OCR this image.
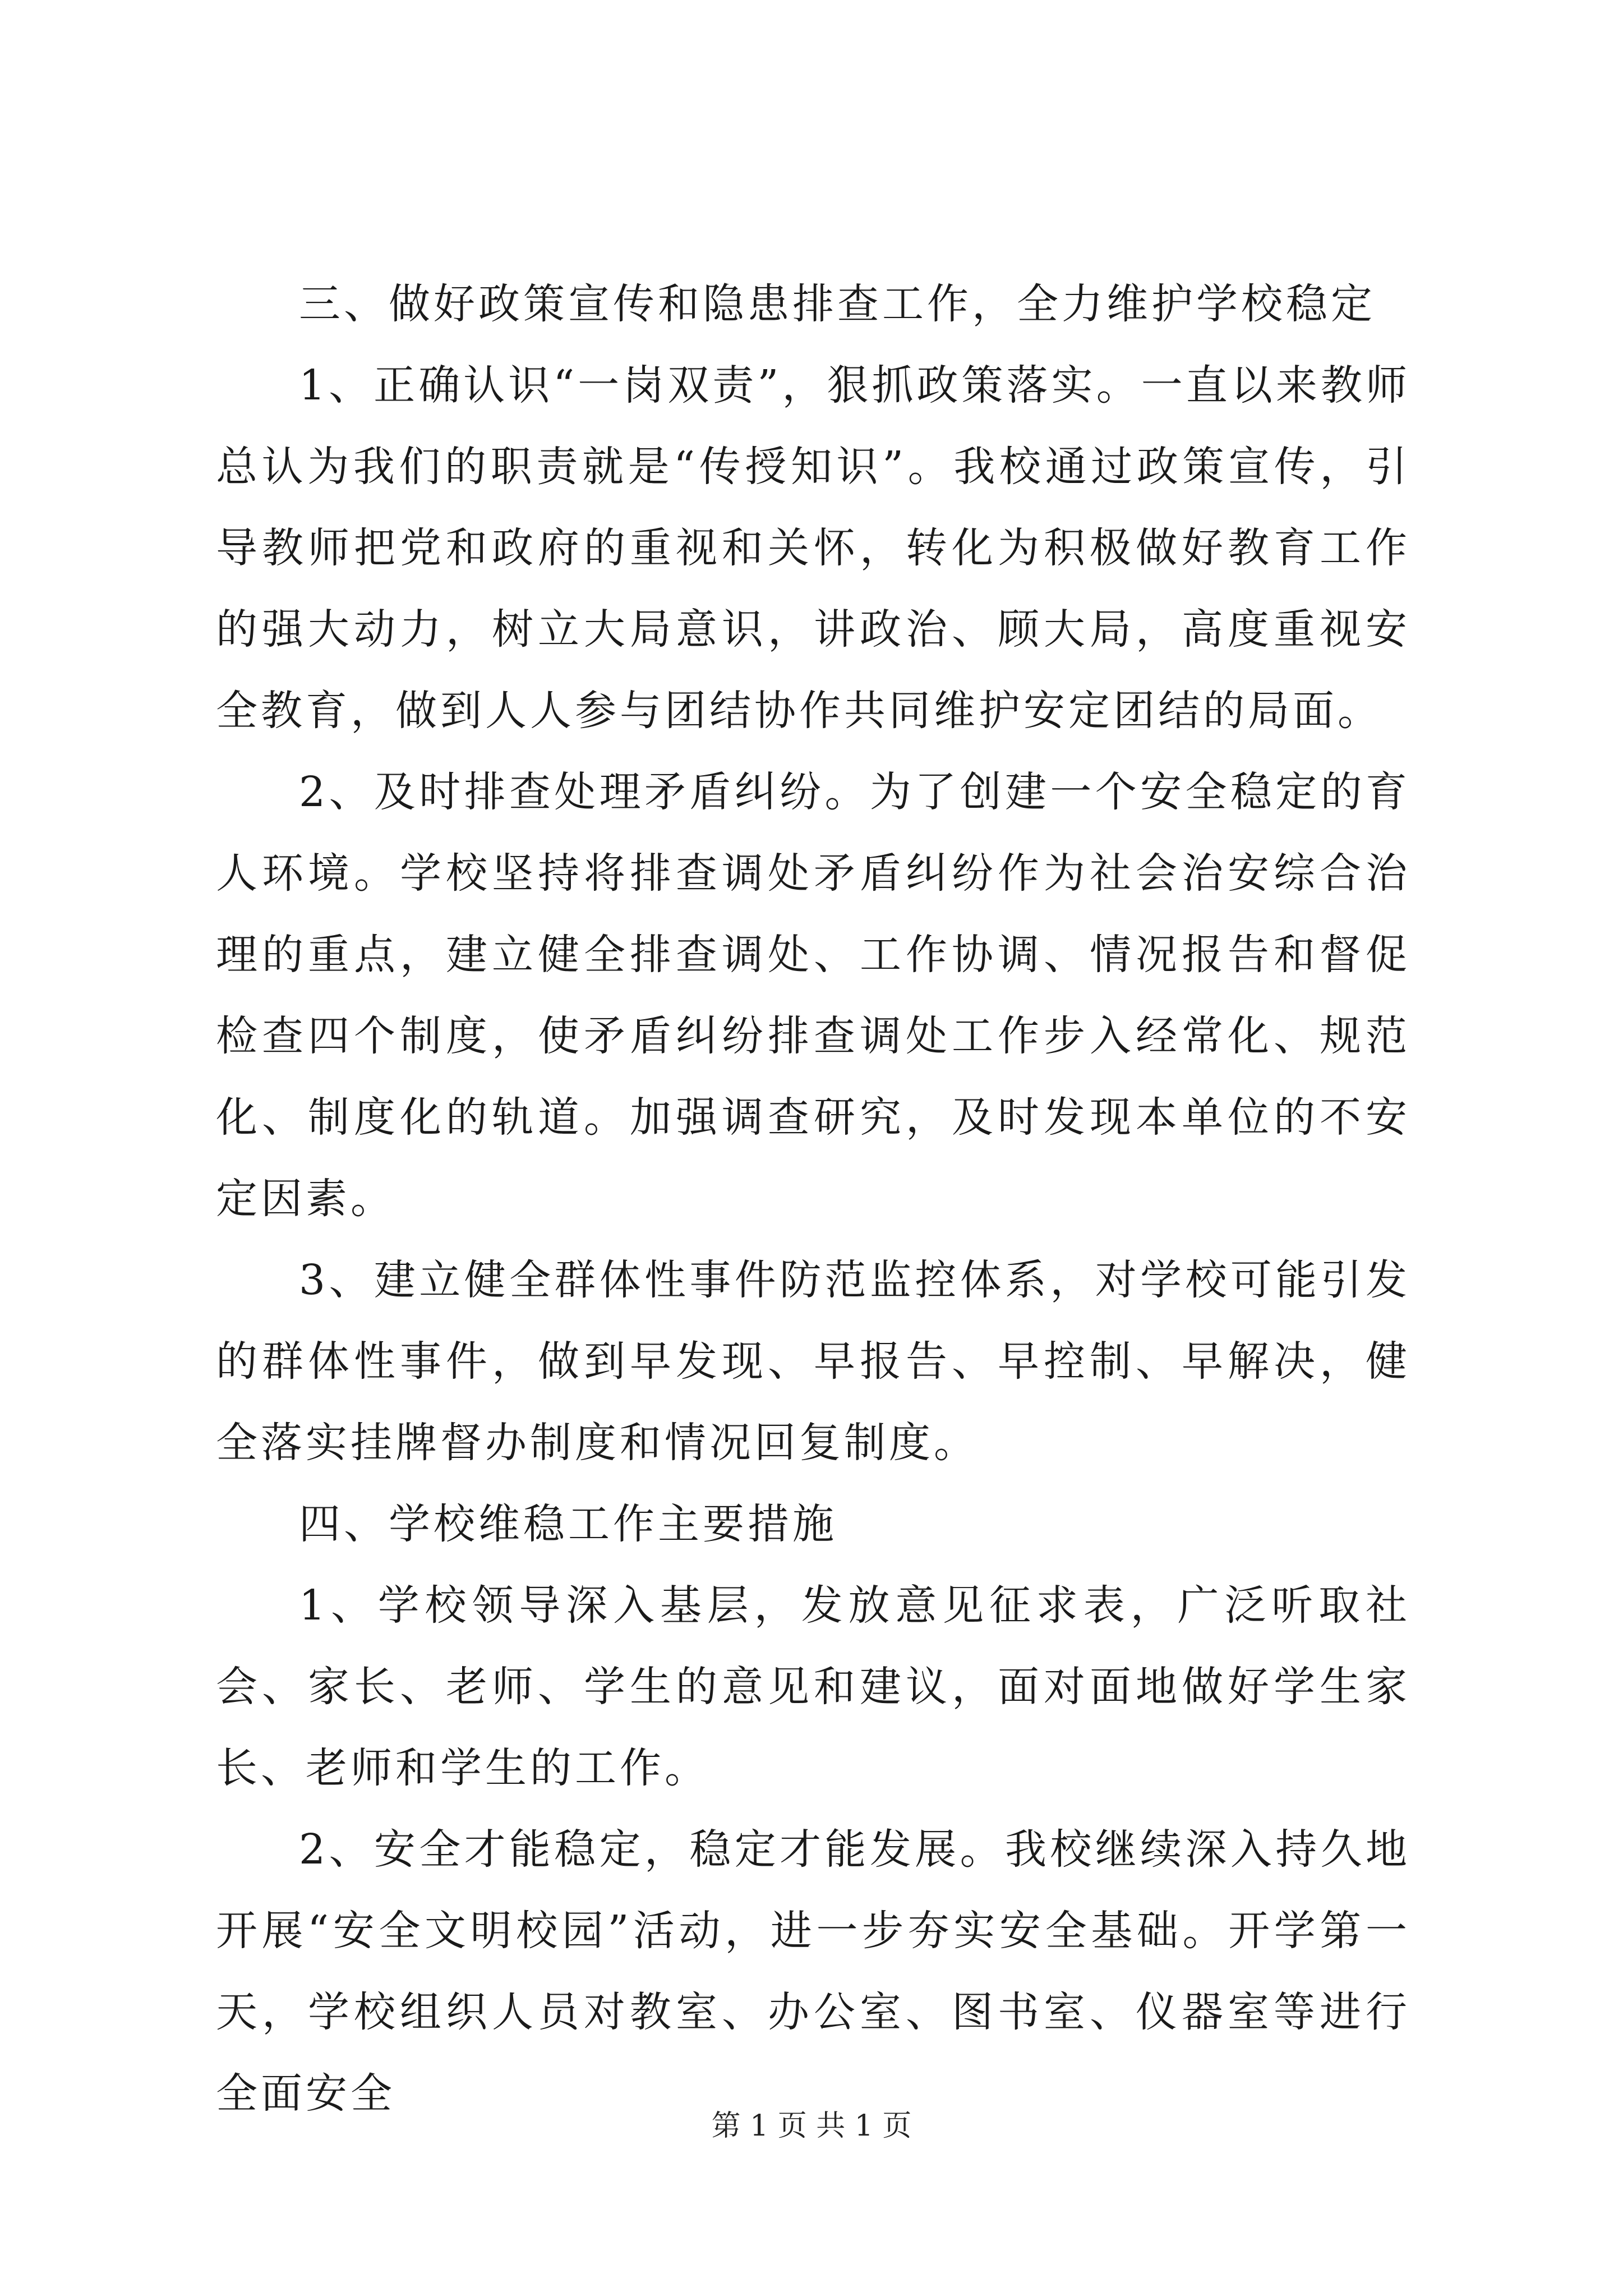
三、做好政策宣传和隐患排查工作，全力维护学校稳定

1、正确认识“一岗双责”，狠抓政策落实。一直以来教师总认为我们的职责就是“传授知识”。我校通过政策宣传，引导教师把党和政府的重视和关怀，转化为积极做好教育工作的强大动力，树立大局意识，讲政治、顾大局，高度重视安全教育，做到人人参与团结协作共同维护安定团结的局面。

2、及时排查处理矛盾纠纷。为了创建一个安全稳定的育人环境。学校坚持将排查调处矛盾纠纷作为社会治安综合治理的重点，建立健全排查调处、工作协调、情况报告和督促检查四个制度，使矛盾纠纷排查调处工作步入经常化、规范化、制度化的轨道。加强调查研究，及时发现本单位的不安定因素。

3、建立健全群体性事件防范监控体系，对学校可能引发的群体性事件，做到早发现、早报告、早控制、早解决，健全落实挂牌督办制度和情况回复制度。

四、学校维稳工作主要措施

1、学校领导深入基层，发放意见征求表，广泛听取社会、家长、老师、学生的意见和建议，面对面地做好学生家长、老师和学生的工作。

2、安全才能稳定，稳定才能发展。我校继续深入持久地开展“安全文明校园”活动，进一步夯实安全基础。开学第一天，学校组织人员对教室、办公室、图书室、仪器室等进行全面安全

第 1 页 共 1 页
